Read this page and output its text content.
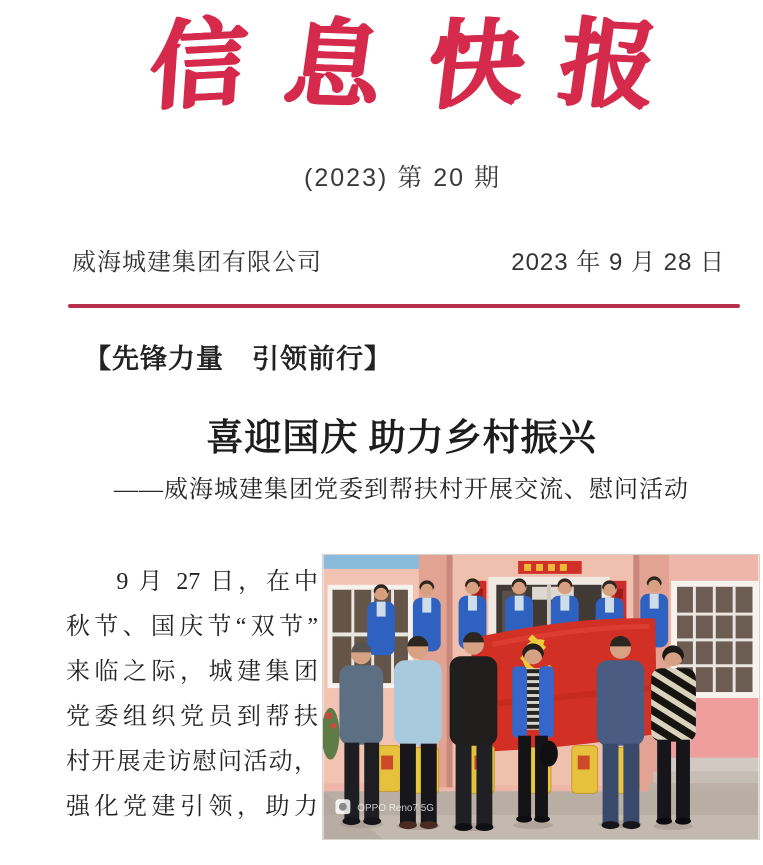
信 息 快 报
(2023) 第 20 期
威海城建集团有限公司	2023 年 9 月 28 日
【先锋力量　引领前行】
喜迎国庆 助力乡村振兴
——威海城建集团党委到帮扶村开展交流、慰问活动
9 月 27 日，在中
秋节、国庆节“双节”
来临之际，城建集团
党委组织党员到帮扶
村开展走访慰问活动，
强化党建引领，助力	OPPO Reno7 5G
